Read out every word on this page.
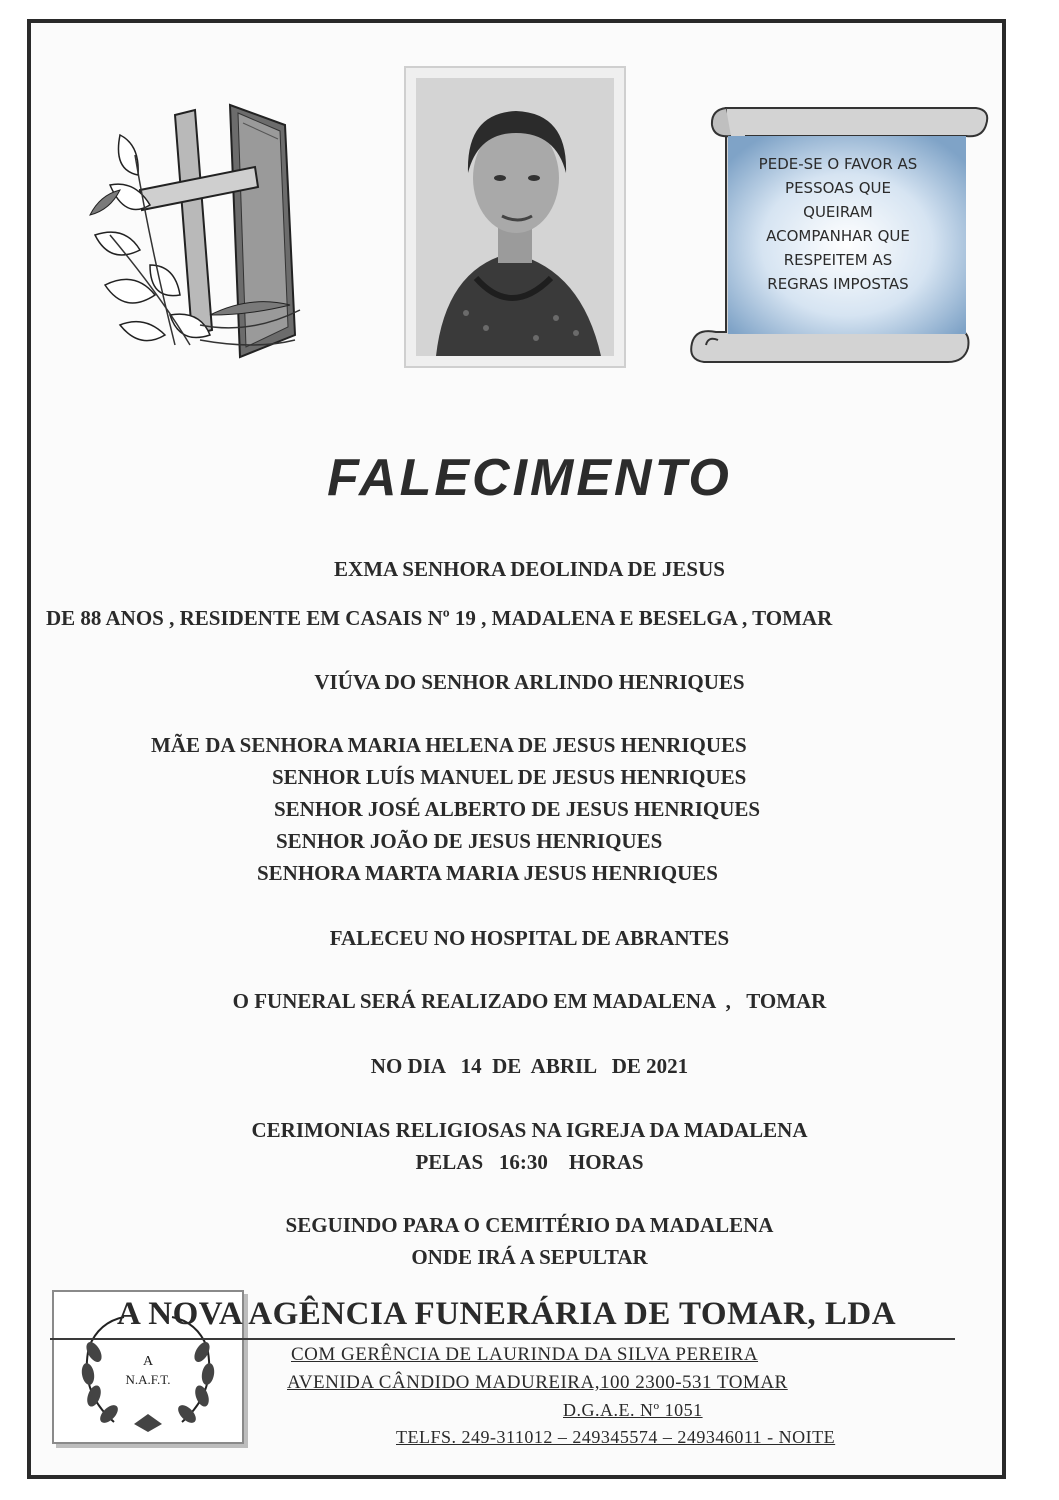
PEDE-SE O FAVOR AS
PESSOAS QUE
QUEIRAM
ACOMPANHAR QUE
RESPEITEM AS
REGRAS IMPOSTAS
FALECIMENTO
EXMA SENHORA DEOLINDA DE JESUS
DE 88 ANOS , RESIDENTE EM CASAIS Nº 19 , MADALENA E BESELGA , TOMAR
VIÚVA DO SENHOR ARLINDO HENRIQUES
MÃE DA SENHORA MARIA HELENA DE JESUS HENRIQUES
SENHOR LUÍS MANUEL DE JESUS HENRIQUES
SENHOR JOSÉ ALBERTO DE JESUS HENRIQUES
SENHOR JOÃO DE JESUS HENRIQUES
SENHORA MARTA MARIA JESUS HENRIQUES
FALECEU NO HOSPITAL DE ABRANTES
O FUNERAL SERÁ REALIZADO EM MADALENA  ,   TOMAR
NO DIA   14  DE  ABRIL   DE 2021
CERIMONIAS RELIGIOSAS NA IGREJA DA MADALENA
PELAS   16:30    HORAS
SEGUINDO PARA O CEMITÉRIO DA MADALENA
ONDE IRÁ A SEPULTAR
A
N.A.F.T.
A NOVA AGÊNCIA FUNERÁRIA DE TOMAR, LDA
COM GERÊNCIA DE LAURINDA DA SILVA PEREIRA
AVENIDA CÂNDIDO MADUREIRA,100 2300-531 TOMAR
D.G.A.E. Nº 1051
TELFS. 249-311012 – 249345574 – 249346011 - NOITE
